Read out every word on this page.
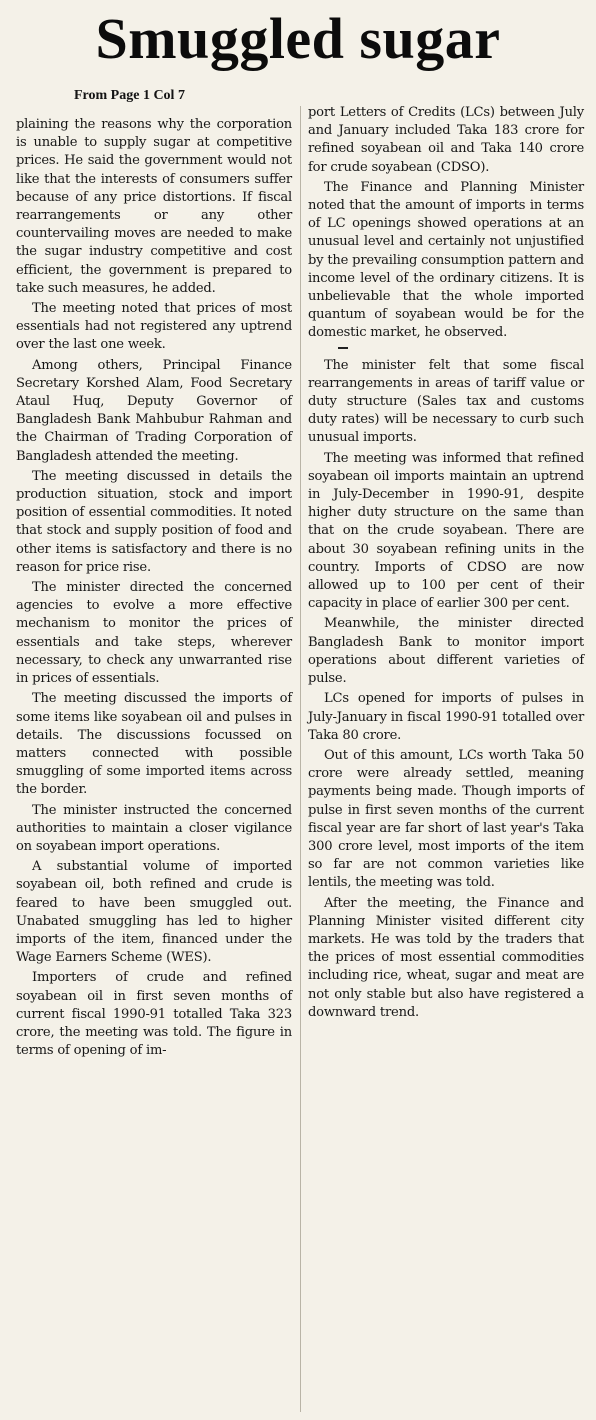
Smuggled sugar
From Page 1 Col 7

plaining the reasons why the corporation is unable to supply sugar at competitive prices. He said the government would not like that the interests of consumers suffer because of any price distortions. If fiscal rearrangements or any other countervailing moves are needed to make the sugar industry competitive and cost efficient, the government is prepared to take such measures, he added.

The meeting noted that prices of most essentials had not registered any uptrend over the last one week.

Among others, Principal Finance Secretary Korshed Alam, Food Secretary Ataul Huq, Deputy Governor of Bangladesh Bank Mahbubur Rahman and the Chairman of Trading Corporation of Bangladesh attended the meeting.

The meeting discussed in details the production situation, stock and import position of essential commodities. It noted that stock and supply position of food and other items is satisfactory and there is no reason for price rise.

The minister directed the concerned agencies to evolve a more effective mechanism to monitor the prices of essentials and take steps, wherever necessary, to check any unwarranted rise in prices of essentials.

The meeting discussed the imports of some items like soyabean oil and pulses in details. The discussions focussed on matters connected with possible smuggling of some imported items across the border.

The minister instructed the concerned authorities to maintain a closer vigilance on soyabean import operations.

A substantial volume of imported soyabean oil, both refined and crude is feared to have been smuggled out. Unabated smuggling has led to higher imports of the item, financed under the Wage Earners Scheme (WES).

Importers of crude and refined soyabean oil in first seven months of current fiscal 1990-91 totalled Taka 323 crore, the meeting was told. The figure in terms of opening of im-

port Letters of Credits (LCs) between July and January included Taka 183 crore for refined soyabean oil and Taka 140 crore for crude soyabean (CDSO).

The Finance and Planning Minister noted that the amount of imports in terms of LC openings showed operations at an unusual level and certainly not unjustified by the prevailing consumption pattern and income level of the ordinary citizens. It is unbelievable that the whole imported quantum of soyabean would be for the domestic market, he observed.

The minister felt that some fiscal rearrangements in areas of tariff value or duty structure (Sales tax and customs duty rates) will be necessary to curb such unusual imports.

The meeting was informed that refined soyabean oil imports maintain an uptrend in July-December in 1990-91, despite higher duty structure on the same than that on the crude soyabean. There are about 30 soyabean refining units in the country. Imports of CDSO are now allowed up to 100 per cent of their capacity in place of earlier 300 per cent.

Meanwhile, the minister directed Bangladesh Bank to monitor import operations about different varieties of pulse.

LCs opened for imports of pulses in July-January in fiscal 1990-91 totalled over Taka 80 crore.

Out of this amount, LCs worth Taka 50 crore were already settled, meaning payments being made. Though imports of pulse in first seven months of the current fiscal year are far short of last year's Taka 300 crore level, most imports of the item so far are not common varieties like lentils, the meeting was told.

After the meeting, the Finance and Planning Minister visited different city markets. He was told by the traders that the prices of most essential commodities including rice, wheat, sugar and meat are not only stable but also have registered a downward trend.
